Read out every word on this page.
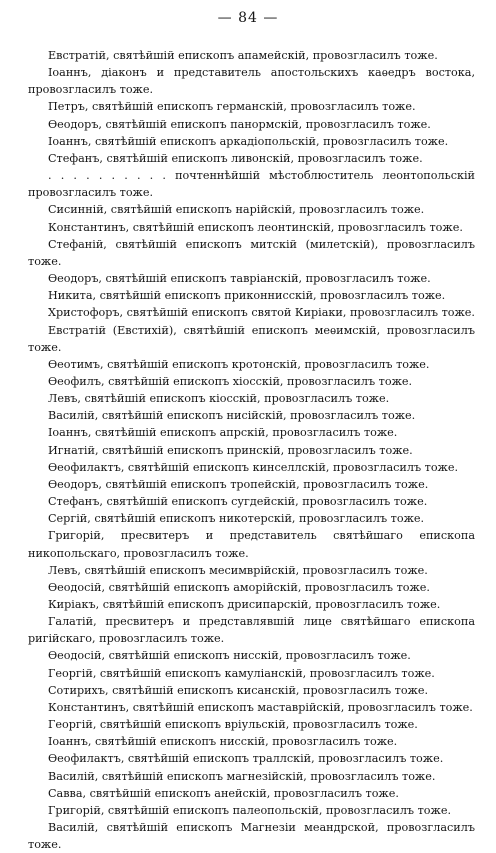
— 84 —
Евстратій, святѣйшій епископъ апамейскій, провозгласилъ тоже.
Іоаннъ, діаконъ и представитель апостольскихъ каѳедръ востока, провозгласилъ тоже.
Петръ, святѣйшій епископъ германскій, провозгласилъ тоже.
Ѳеодоръ, святѣйшій епископъ панормскій, провозгласилъ тоже.
Іоаннъ, святѣйшій епископъ аркадіопольскій, провозгласилъ тоже.
Стефанъ, святѣйшій епископъ ливонскій, провозгласилъ тоже.
. . . . . . . . . . почтеннѣйшій мѣстоблюститель леонтопольскій провозгласилъ тоже.
Сисинній, святѣйшій епископъ нарійскій, провозгласилъ тоже.
Константинъ, святѣйшій епископъ леонтинскій, провозгласилъ тоже.
Стефаній, святѣйшій епископъ митскій (милетскій), провозгласилъ тоже.
Ѳеодоръ, святѣйшій епископъ тавріанскій, провозгласилъ тоже.
Никита, святѣйшій епископъ приконнисскій, провозгласилъ тоже.
Христофоръ, святѣйшій епископъ святой Киріаки, провозгласилъ тоже.
Евстратій (Евстихій), святѣйшій епископъ меѳимскій, провозгласилъ тоже.
Ѳеотимъ, святѣйшій епископъ кротонскій, провозгласилъ тоже.
Ѳеофилъ, святѣйшій епископъ хіосскій, провозгласилъ тоже.
Левъ, святѣйшій епископъ кіосскій, провозгласилъ тоже.
Василій, святѣйшій епископъ нисійскій, провозгласилъ тоже.
Іоаннъ, святѣйшій епископъ апрскій, провозгласилъ тоже.
Игнатій, святѣйшій епископъ принскій, провозгласилъ тоже.
Ѳеофилактъ, святѣйшій епископъ кинселлскій, провозгласилъ тоже.
Ѳеодоръ, святѣйшій епископъ тропейскій, провозгласилъ тоже.
Стефанъ, святѣйшій епископъ сугдейскій, провозгласилъ тоже.
Сергій, святѣйшій епископъ никотерскій, провозгласилъ тоже.
Григорій, пресвитеръ и представитель святѣйшаго епископа никопольскаго, провозгласилъ тоже.
Левъ, святѣйшій епископъ месимврійскій, провозгласилъ тоже.
Ѳеодосій, святѣйшій епископъ аморійскій, провозгласилъ тоже.
Киріакъ, святѣйшій епископъ дрисипарскій, провозгласилъ тоже.
Галатій, пресвитеръ и представлявшій лице святѣйшаго епископа ригійскаго, провозгласилъ тоже.
Ѳеодосій, святѣйшій епископъ нисскій, провозгласилъ тоже.
Георгій, святѣйшій епископъ камуліанскій, провозгласилъ тоже.
Сотирихъ, святѣйшій епископъ кисанскій, провозгласилъ тоже.
Константинъ, святѣйшій епископъ маставрійскій, провозгласилъ тоже.
Георгій, святѣйшій епископъ вріульскій, провозгласилъ тоже.
Іоаннъ, святѣйшій епископъ нисскій, провозгласилъ тоже.
Ѳеофилактъ, святѣйшій епископъ траллскій, провозгласилъ тоже.
Василій, святѣйшій епископъ магнезійскій, провозгласилъ тоже.
Савва, святѣйшій епископъ анейскій, провозгласилъ тоже.
Григорій, святѣйшій епископъ палеопольскій, провозгласилъ тоже.
Василій, святѣйшій епископъ Магнезіи меандрской, провозгласилъ тоже.
